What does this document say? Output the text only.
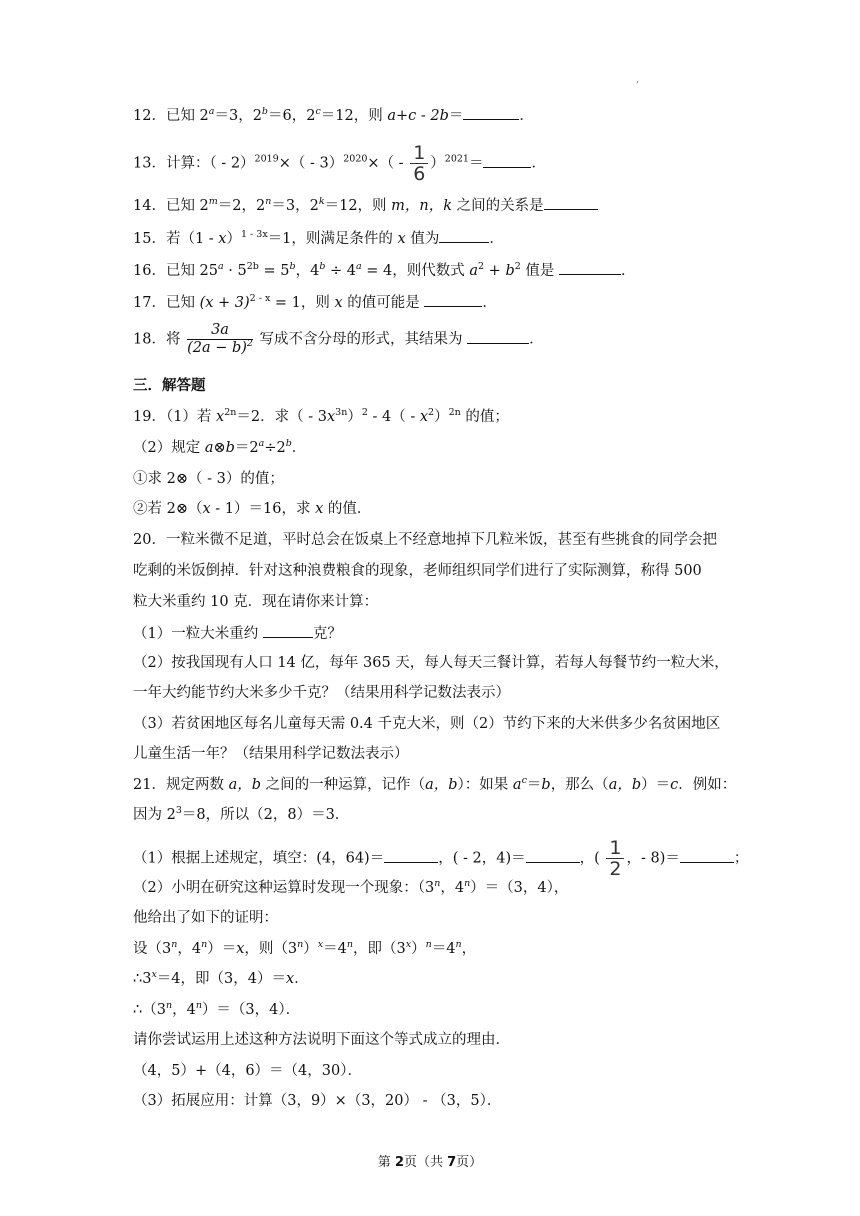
,
12．已知 $2^a=3$，$2^b=6$，$2^c=12$，则 a+c - 2b＝	．
13．计算：（ - $2)^{2019}\times( - 3)^{2020}\times( - \frac{1}{6} )^{2021}=$	．
14．已知 $2^m=2$，$2^n=3$，$2^k=12$，则 m，n，k 之间的关系是
15．若（1 - x）$^{1 - 3x}$＝1，则满足条件的 x 值为	．
16．已知 $25^a \cdot 5^{2b} = 5^b$，$4^b \div 4^a = 4$，则代数式 $a^2 + b^2$ 值是	．
17．已知 $(x + 3)^{2 - x} = 1$，则 x 的值可能是	．
18．将 $\frac{3a}{(2a - b)^2}$ 写成不含分母的形式，其结果为	．
三．解答题
19．（1）若 $x^{2n}=2$．求（ - $3x^{3n})^2 - 4( - x^2)^{2n}$ 的值；
（2）规定 $a\otimes b=2^a\div 2^b$．
①求 2⊗（ - 3）的值；
②若 2⊗（x - 1）＝16，求 x 的值．
20．一粒米微不足道，平时总会在饭桌上不经意地掉下几粒米饭，甚至有些挑食的同学会把
吃剩的米饭倒掉．针对这种浪费粮食的现象，老师组织同学们进行了实际测算，称得 500
粒大米重约 10 克．现在请你来计算：
（1）一粒大米重约	克？
（2）按我国现有人口 14 亿，每年 365 天，每人每天三餐计算，若每人每餐节约一粒大米，
一年大约能节约大米多少千克？（结果用科学记数法表示）
（3）若贫困地区每名儿童每天需 0.4 千克大米，则（2）节约下来的大米供多少名贫困地区
儿童生活一年？（结果用科学记数法表示）
21．规定两数 a，b 之间的一种运算，记作（a，b）：如果 $a^c=b$，那么（a，b）＝c．例如：
因为 $2^3=8$，所以（2，8）＝3．
（1）根据上述规定，填空：(4，64)＝	，( - 2，4)＝	，( $\frac{1}{2}$ ，- 8)＝	；
（2）小明在研究这种运算时发现一个现象：（3$^n$，$4^n)=(3$，4），
他给出了如下的证明：
设（3$^n$，$4^n)=x$，则$(3^n)^x=4^n$，即$(3^x)^n=4^n$，
$\therefore 3^x=4$，即（3，4）＝x．
∴（3$^n$，$4^n)=(3$，4）．
请你尝试运用上述这种方法说明下面这个等式成立的理由．
（4，5）+（4，6）＝（4，30）．
（3）拓展应用：计算（3，9）×（3，20） - （3，5）．
第 2页（共 7页）
